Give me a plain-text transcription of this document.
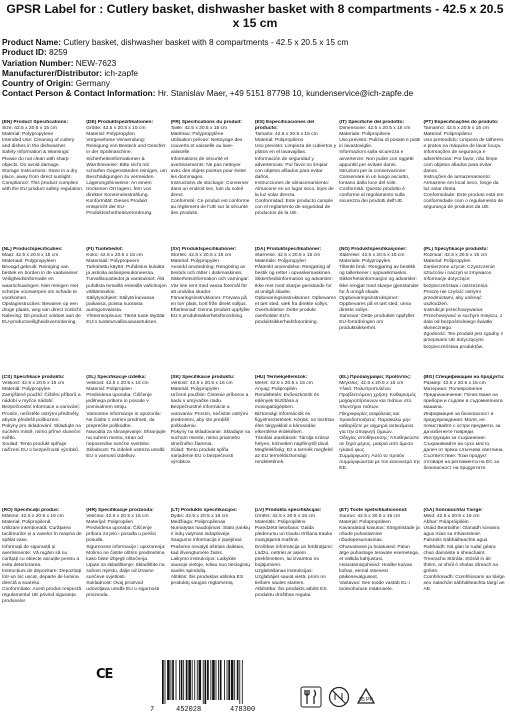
GPSR Label for : Cutlery basket, dishwasher basket with 8 compartments - 42.5 x 20.5 x 15 cm
Product Name: Cutlery basket, dishwasher basket with 8 compartments - 42.5 x 20.5 x 15 cm
Product ID: 8259
Variation Number: NEW-7623
Manufacturer/Distributor: ich-zapfe
Country of Origin: Germany
Contact Person & Contact Information: Hr. Stanislav Maer, +49 5151 87798 10, kundenservice@ich-zapfe.de

(EN) Product Specifications:

Size: 42.5 x 20.5 x 15 cm
Material: Polypropylene
Intended Use: Cleaning of cutlery and dishes in the dishwasher.
Safety Information & Warnings: Please do not clean with sharp objects. Do avoid damage.
Storage Instructions: Store in a dry place, away from direct sunlight.
Compliance: This product complies with the EU product safety regulation.

(DE) Produktspezifikationen:

Größe: 42.5 x 20.5 x 15 cm
Material: Polypropylen
Vorgesehene Verwendung: Reinigung von Besteck und Geschirr in der Spülmaschine.
Sicherheitsinformationen & Warnhinweise: Bitte nicht mit scharfen Gegenständen reinigen, um Beschädigungen zu vermeiden.
Lagerungshinweise: An einem trockenen Ort lagern, fern von direkter Sonneneinstrahlung.
Konformität: Dieses Produkt entspricht der EU-Produktsicherheitsverordnung.

(FR) Spécifications du produit:

Taille: 42.5 x 20.5 x 15 cm
Matériau: Polypropylène
Utilisation prévue: Nettoyage des couverts et vaisselle au lave-vaisselle.
Informations de sécurité et avertissements: Ne pas nettoyer avec des objets pointus pour éviter les dommages.
Instructions de stockage: Conserver dans un endroit sec, loin du soleil direct.
Conformité: Ce produit est conforme au règlement de l'UE sur la sécurité des produits.

(ES) Especificaciones del producto:

Tamaño: 42.5 x 20.5 x 15 cm
Material: Polipropileno
Uso previsto: Limpieza de cubiertos y platos en el lavavajillas.
Información de seguridad y advertencias: Por favor no limpiar con objetos afilados para evitar daños.
Instrucciones de almacenamiento: Almacene en un lugar seco, lejos de la luz solar directa.
Conformidad: Este producto cumple con el reglamento de seguridad de productos de la UE.

(IT) Specifiche del prodotto:

Dimensione: 42.5 x 20.5 x 15 cm
Materiale: Polipropilene
Uso previsto: Pulizia di posate e piatti in lavastoviglie.
Informazioni sulla sicurezza e avvertenze: Non pulire con oggetti appuntiti per evitare danni.
Istruzioni per la conservazione: Conservare in un luogo asciutto, lontano dalla luce del sole.
Conformità: Questo prodotto è conforme al regolamento sulla sicurezza dei prodotti dell'UE.

(PT) Especificações do produto:

Tamanho: 42.5 x 20.5 x 15 cm
Material: Polipropileno
Uso pretendido: Limpeza de talheres e pratos na máquina de lavar louça.
Informações de segurança e advertências: Por favor, não limpe com objetos afiados para evitar danos.
Instruções de armazenamento: Armazene em local seco, longe da luz solar direta.
Conformidade: Este produto está em conformidade com o regulamento de segurança de produtos da UE.

(NL) Productspecificaties:

Maat: 42.5 x 20.5 x 15 cm
Materiaal: Polypropyleen
Beoogd gebruik: Reiniging van bestek en borden in de vaatwasser.
Veiligheidsinformatie en waarschuwingen: Niet reinigen met scherpe voorwerpen om schade te voorkomen.
Opslaginstructies: Bewaren op een droge plaats, weg van direct zonlicht.
Naleving: Dit product voldoet aan de EU-productveiligheidsverordening.

(FI) Tuotetiedot:

Koko: 42.5 x 20.5 x 15 cm
Materiaali: Polypropeeni
Tarkoitettu käyttö: Puhdistus kulaitta ja astioita astianpesukoneessa.
Turvallisuustiedot ja varoitukset: Älä puhdista terävillä esineillä vahinkojen välttämiseksi.
Säilytysohjeet: Säilytä kuivassa paikassa, poissa suorasta auringonvalosta.
Yhteensopivuus: Tämä tuote täyttää EU:n tuoteturvallisuusasetuksen.

(SV) Produktspecifikationer:

Storlek: 42.5 x 20.5 x 15 cm
Material: Polypropylen
Avsedd användning: Rengöring av bestick och rätter i diskmaskinen.
Säkerhetsinformation och varningar: Vär inte rent med vassa föremål för att undvika skador.
Förvaringsinstruktioner: Förvara på en torr plats, bort från direkt solljus.
Efterlevnad: Denna produkt uppfyller EU:s produktsäkerhetsförordning.

(DA) Produktspecifikationer:

Størrelse: 42.5 x 20.5 x 15 cm
Materiale: Polypropylen
Påtænkt anvendelse: Rengøring af bestik og retter i opvaskemaskinen.
Sikkerhedsinformation og advarsler: Ikke rent med skarpe genstande for at undgå skader.
Opbevaringsinstruktioner: Opbevares et tørt sted, væk fra direkte sollys.
Overholdelse: Dette produkt overholder EU's produktsikkerhedsforordning.

(NO) Produktspesifikasjoner:

Størrelse: 42.5 x 20.5 x 15 cm
Materiale: Polypropylen
Tiltenkt bruk: Rengjøring av bestikk og tallerkener i oppvaskmaskin.
Sikkerhetsinformasjon og advarsler: Ikke rengjør med skarpe gjenstander for å unngå skade.
Oppbevaringsinstruksjoner: Oppbevares på et tørt sted, unna direkte sollys.
Samsvar: Dette produktet oppfyller EU-forordningen om produktsikkerhet.

(PL) Specyfikacje produktu:

Rozmiar: 42.5 x 20.5 x 15 cm
Materiał: Polipropylen
Zamierzone użycie: Czyszczenie sztućców i naczyń w zmywarce.
Informacje dotyczące bezpieczeństwa i ostrzeżenia: Proszę nie czyścić ostrymi przedmiotami, aby uniknąć uszkodzeń.
Instrukcje przechowywania: Przechowywać w suchym miejscu, z dala od bezpośredniego światła słonecznego.
Zgodność: Ten produkt jest zgodny z przepisami UE dotyczącymi bezpieczeństwa produktów.

(CS) Specifikace produktu:

Velikost: 42.5 x 20.5 x 15 cm
Materiál: Polypropylen
Zamýšlené použití: Čištění příborů a nádobí v myčce nádobí.
Bezpečnostní informace a varování: Prosím, nečistěte ostrými předměty, abyste předešli poškození.
Pokyny pro skladování: Skladujte na suchém místě, mimo přímé sluneční světlo.
Soulad: Tento produkt splňuje nařízení EU o bezpečnosti výrobků.

(SL) Specifikacije izdelka:

Velikost: 42.5 x 20.5 x 15 cm
Material: Polipropilen
Predvidena uporaba: Čiščenje jedilnega pribora in posode v pomivalnem stroju.
Varnostne informacije in opozorila: Ne čistite z ostrimi predmeti, da preprečite poškodbe.
Navodila za shranjevanje: Shranjujte na suhem mestu, stran od neposredne sončne svetlobe.
Skladnost: Ta izdelek ustreza uredbi EU o varnosti izdelkov.

(SK) Špecifikácie produktu:

Veľkosť: 42.5 x 20.5 x 15 cm
Materiál: Polypropylén
Určené použitie: Čistenie príborov a riadu v umývačke riadu.
Bezpečnostné informácie a varovania: Prosím, nečistite ostrými predmetmi, aby ste predišli poškodeniu.
Pokyny na skladovanie: Skladujte na suchom mieste, mimo priameho slnečného žiarenia.
Súlad: Tento produkt spĺňa nariadenie EÚ o bezpečnosti výrobkov.

(HU) Termékjellemzők:

Méret: 42.5 x 20.5 x 15 cm
Anyag: Polipropilén
Rendeltetés: Evőeszközök és edények tisztítása a mosogatógépben.
Biztonsági információk és figyelmeztetések: Kérjük, ne tisztítsa éles tárgyakkal a károsodás elkerülése érdekében.
Tárolási utasítások: Tárolja száraz helyen, közvetlen napfénytől távol.
Megfelelőség: Ez a termék megfelel az EU termékbiztonsági rendeletének.

(EL) Προδιαγραφές προϊόντος:

Μέγεθος: 42.5 x 20.5 x 15 cm
Υλικό: Πολυπροπυλένιο
Προβλεπόμενη χρήση: Καθαρισμός μαχαιροπίρουνων και πιάτων στο πλυντήριο πιάτων.
Πληροφορίες ασφάλειας και προειδοποιήσεις: Παρακαλώ μην καθαρίζετε με αιχμηρά αντικείμενα για την αποφυγή ζημιών.
Οδηγίες αποθήκευσης: Αποθηκεύστε σε ξηρό μέρος, μακριά από άμεσο ηλιακό φως.
Συμμόρφωση: Αυτό το προϊόν συμμορφώνεται με τον κανονισμό της ΕΕ.

(BG) Спецификации на продукта:

Размер: 42.5 x 20.5 x 15 cm
Материал: Полипропилен
Предназначение: Почистване на прибори и съдове в съдомиялната машина.
Информация за безопасност и предупреждения: Моля, не почиствайте с остри предмети, за да избегнете повреди.
Инструкции за съхранение: Съхранявайте на сухо място, далеч от пряка слънчева светлина.
Съответствие: Този продукт отговаря на регламента на ЕС за безопасност на продуктите.

(RO) Specificații produs:

Mărime: 42.5 x 20.5 x 15 cm
Material: Polipropilenă
Utilizare intenționată: Curățarea tacâmurilor și a vaselor în mașina de spălat vase.
Informații de siguranță și avertismente: Vă rugăm să nu curățați cu obiecte ascuțite pentru a evita deteriorarea.
Instrucțiuni de depozitare: Depozitați într-un loc uscat, departe de lumina directă a soarelui.
Conformitate: Acest produs respectă regulamentul UE privind siguranța produselor.

(HR) Specifikacije proizvoda:

Veličina: 42.5 x 20.5 x 15 cm
Materijal: Polipropilen
Predviđena uporaba: Čišćenje pribora za jelo i posuđa u perilici posuđa.
Sigurnosne informacije i upozorenja: Molimo ne čistite oštrim predmetima kako biste izbjegli oštećenja.
Upute za skladištenje: Skladištite na suhom mjestu, dalje od izravne sunčeve svjetlosti.
Sukladnost: Ovaj proizvod udovoljava uredbi EU o sigurnosti proizvoda.

(LT) Produkto specifikacijos:

Dydis: 42.5 x 20.5 x 15 cm
Medžiaga: Polipropilenas
Numatytas naudojimas: Stalo įrankių ir indų valymas indaplovėje.
Saugumo informacija ir įspėjimai: Prašome nevalyti aštriais daiktais, kad išvengtumėte žalos.
Laikymo instrukcijos: Laikykite sausoje vietoje, toliau nuo tiesioginių saulės spindulių.
Atitiktis: Šis produktas atitinka ES produktų saugos reglamentą.

(LV) Produkta specifikācijas:

Izmērs: 42.5 x 20.5 x 15 cm
Materiāls: Polipropilēns
Paredzētā lietošana: Galda piederumu un trauku tīrīšana trauku mazgājamā mašīnā.
Drošības informācija un brīdinājumi: Lūdzu, netīriet ar asiem priekšmetiem, lai izvairītos no bojājumiem.
Uzglabāšanas instrukcijas: Uzglabājiet sausā vietā, prom no tiešiem saules stariem.
Atbilstība: Šis produkts atbilst ES produktu drošības regulai.

(ET) Toote spetsifikatsioonid:

Suurus: 42.5 x 20.5 x 15 cm
Materjal: Polüpropüleen
Kavandatud kasutus: Söögiriistade ja nõude puhastamine nõudepesumasinas.
Ohutusteave ja hoiatused: Palun ärge puhastage teravate esemetega, et vältida kahjustusi.
Hoiustamisjuhised: Hoidke kuivas kohas, eemal otsesest päikesevalgusest.
Vastavus: See toode vastab EL-i tooteohutuse määrusele.

(GA) Sonraíochtaí Táirge:

Méid: 42.5 x 20.5 x 15 cm
Ábhar: Polapróipiléin
Úsáid Beartaithe: Glanadh sceanra agus mias sa mhiasniteoir.
Faisnéis Sábháilteachta agus Rabhaidh: Ná glan le rudaí géara chun damáiste a sheachaint.
Treoracha Stórála: Stóráil in áit thirim, ar shiúl ó sholas díreach na gréine.
Comhlíonadh: Comhlíonann an táirge seo rialachán sábháilteachta táirgí an AE.

CE
7	452028	478300
05 PP
